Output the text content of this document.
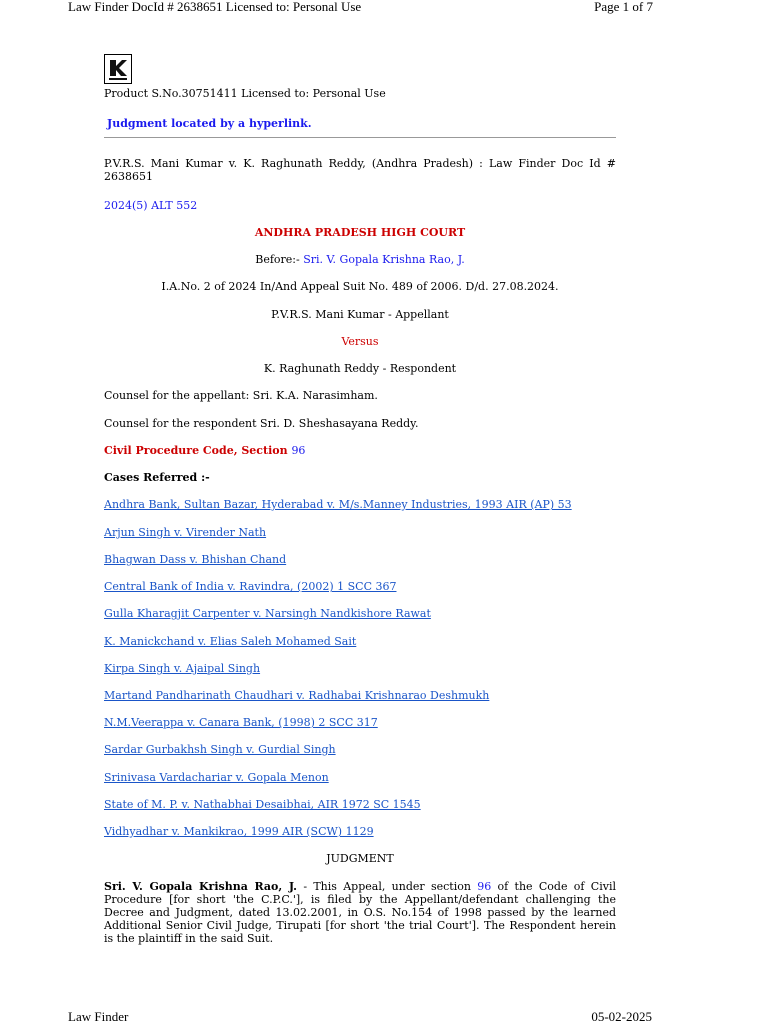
Law Finder DocId # 2638651 Licensed to: Personal Use	Page 1 of 7

Product S.No.30751411 Licensed to: Personal Use

Judgment located by a hyperlink.

P.V.R.S. Mani Kumar v. K. Raghunath Reddy, (Andhra Pradesh) : Law Finder Doc Id # 2638651

2024(5) ALT 552

ANDHRA PRADESH HIGH COURT

Before:- Sri. V. Gopala Krishna Rao, J.

I.A.No. 2 of 2024 In/And Appeal Suit No. 489 of 2006. D/d. 27.08.2024.

P.V.R.S. Mani Kumar - Appellant

Versus

K. Raghunath Reddy - Respondent

Counsel for the appellant: Sri. K.A. Narasimham.

Counsel for the respondent Sri. D. Sheshasayana Reddy.

Civil Procedure Code, Section 96

Cases Referred :-

Andhra Bank, Sultan Bazar, Hyderabad v. M/s.Manney Industries, 1993 AIR (AP) 53

Arjun Singh v. Virender Nath

Bhagwan Dass v. Bhishan Chand

Central Bank of India v. Ravindra, (2002) 1 SCC 367

Gulla Kharagjit Carpenter v. Narsingh Nandkishore Rawat

K. Manickchand v. Elias Saleh Mohamed Sait

Kirpa Singh v. Ajaipal Singh

Martand Pandharinath Chaudhari v. Radhabai Krishnarao Deshmukh

N.M.Veerappa v. Canara Bank, (1998) 2 SCC 317

Sardar Gurbakhsh Singh v. Gurdial Singh

Srinivasa Vardachariar v. Gopala Menon

State of M. P. v. Nathabhai Desaibhai, AIR 1972 SC 1545

Vidhyadhar v. Mankikrao, 1999 AIR (SCW) 1129

JUDGMENT

Sri. V. Gopala Krishna Rao, J. - This Appeal, under section 96 of the Code of Civil Procedure [for short 'the C.P.C.'], is filed by the Appellant/defendant challenging the Decree and Judgment, dated 13.02.2001, in O.S. No.154 of 1998 passed by the learned Additional Senior Civil Judge, Tirupati [for short 'the trial Court']. The Respondent herein is the plaintiff in the said Suit.

Law Finder	05-02-2025
